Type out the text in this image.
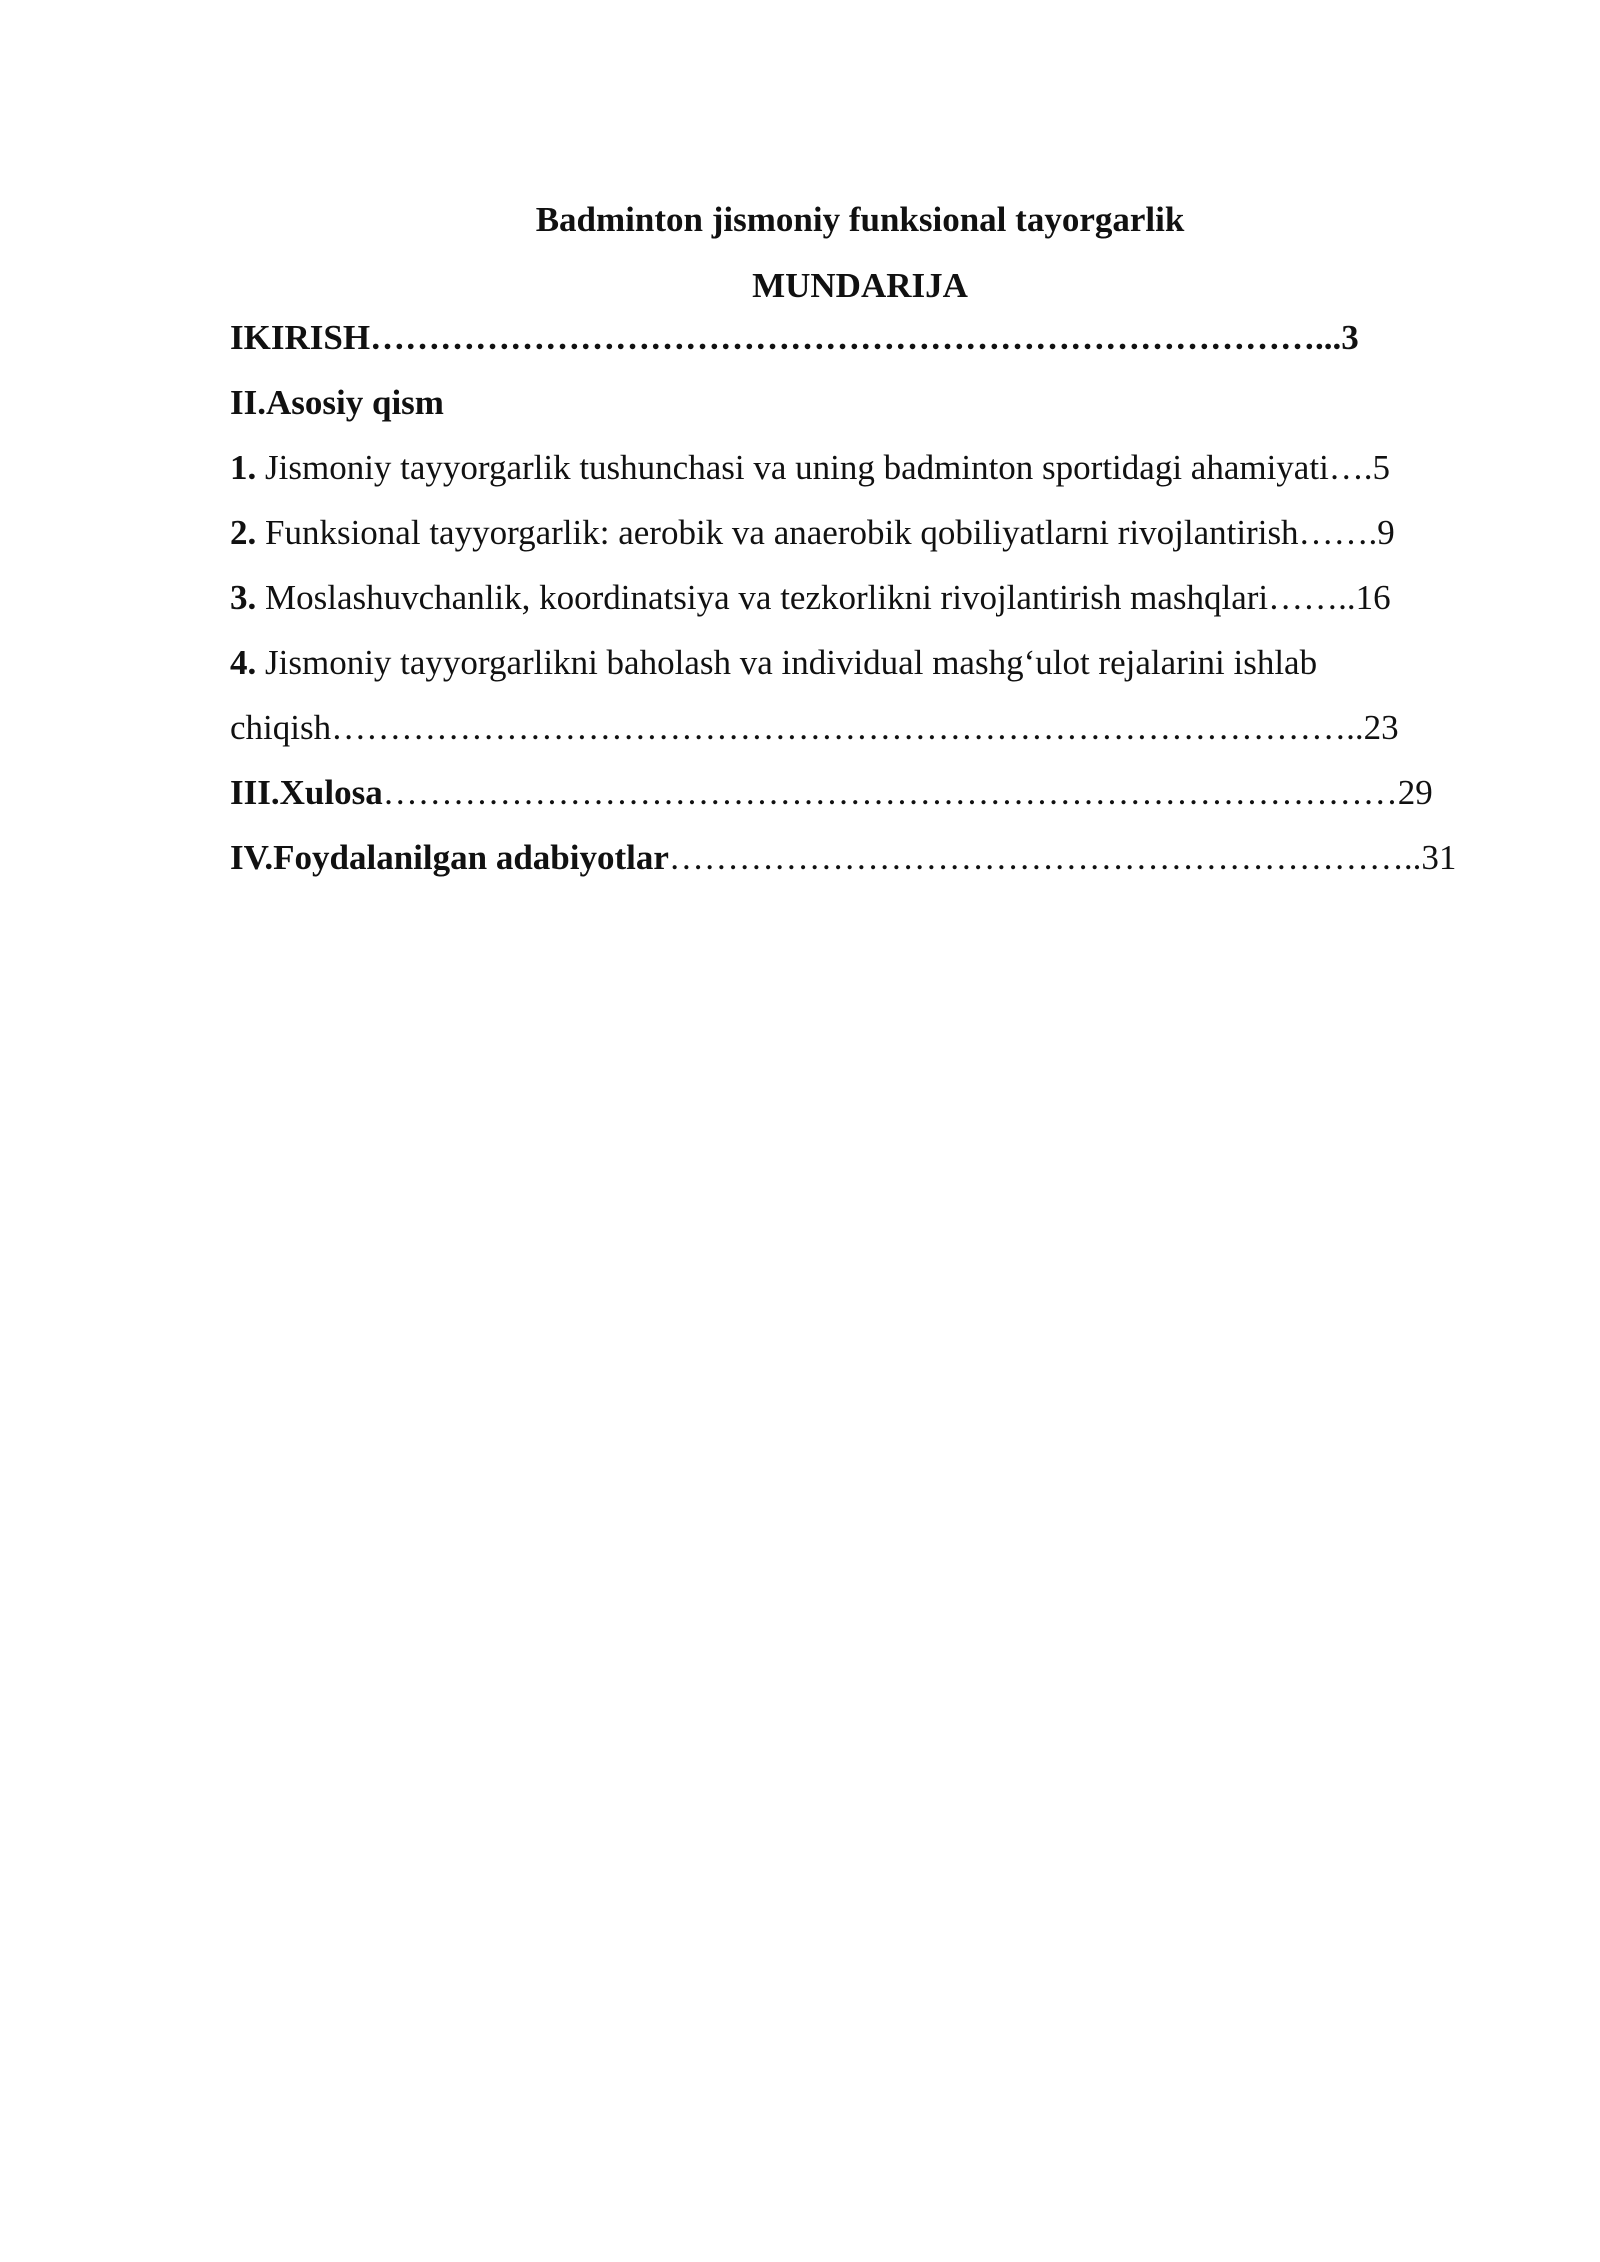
Badminton jismoniy funksional tayorgarlik
MUNDARIJA
IKIRISH………………………………………………………………………...3
II.Asosiy qism
1. Jismoniy tayyorgarlik tushunchasi va uning badminton sportidagi ahamiyati….5
2. Funksional tayyorgarlik: aerobik va anaerobik qobiliyatlarni rivojlantirish…….9
3. Moslashuvchanlik, koordinatsiya va tezkorlikni rivojlantirish mashqlari……..16
4. Jismoniy tayyorgarlikni baholash va individual mashg‘ulot rejalarini ishlab
chiqish……………………………………………………………………………..23
III.Xulosa……………………………………………………………………………29
IV.Foydalanilgan adabiyotlar………………………………………………………..31
